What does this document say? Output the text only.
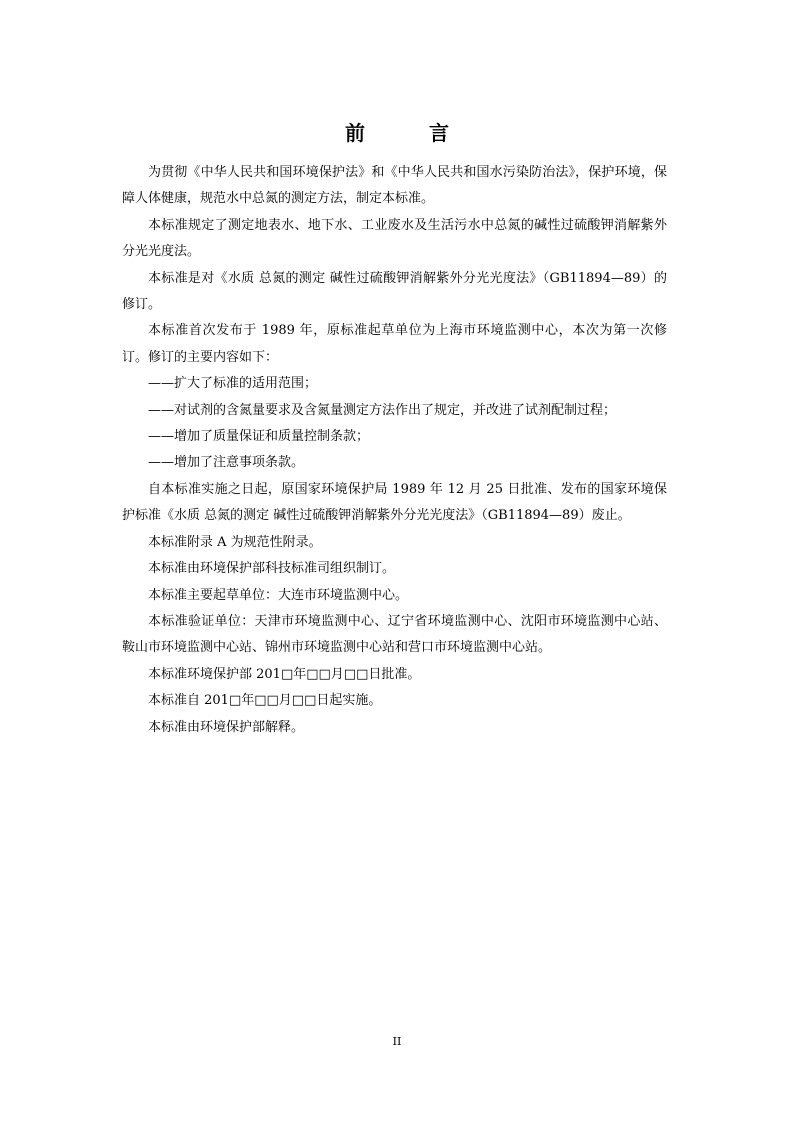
前　言

为贯彻《中华人民共和国环境保护法》和《中华人民共和国水污染防治法》，保护环境，保障人体健康，规范水中总氮的测定方法，制定本标准。

本标准规定了测定地表水、地下水、工业废水及生活污水中总氮的碱性过硫酸钾消解紫外分光光度法。

本标准是对《水质 总氮的测定 碱性过硫酸钾消解紫外分光光度法》（GB11894—89）的修订。

本标准首次发布于 1989 年，原标准起草单位为上海市环境监测中心，本次为第一次修订。修订的主要内容如下：

——扩大了标准的适用范围；

——对试剂的含氮量要求及含氮量测定方法作出了规定，并改进了试剂配制过程；

——增加了质量保证和质量控制条款；

——增加了注意事项条款。

自本标准实施之日起，原国家环境保护局 1989 年 12 月 25 日批准、发布的国家环境保护标准《水质 总氮的测定 碱性过硫酸钾消解紫外分光光度法》（GB11894—89）废止。

本标准附录 A 为规范性附录。

本标准由环境保护部科技标准司组织制订。

本标准主要起草单位：大连市环境监测中心。

本标准验证单位：天津市环境监测中心、辽宁省环境监测中心、沈阳市环境监测中心站、鞍山市环境监测中心站、锦州市环境监测中心站和营口市环境监测中心站。

本标准环境保护部 201□年□□月□□日批准。

本标准自 201□年□□月□□日起实施。

本标准由环境保护部解释。

II
